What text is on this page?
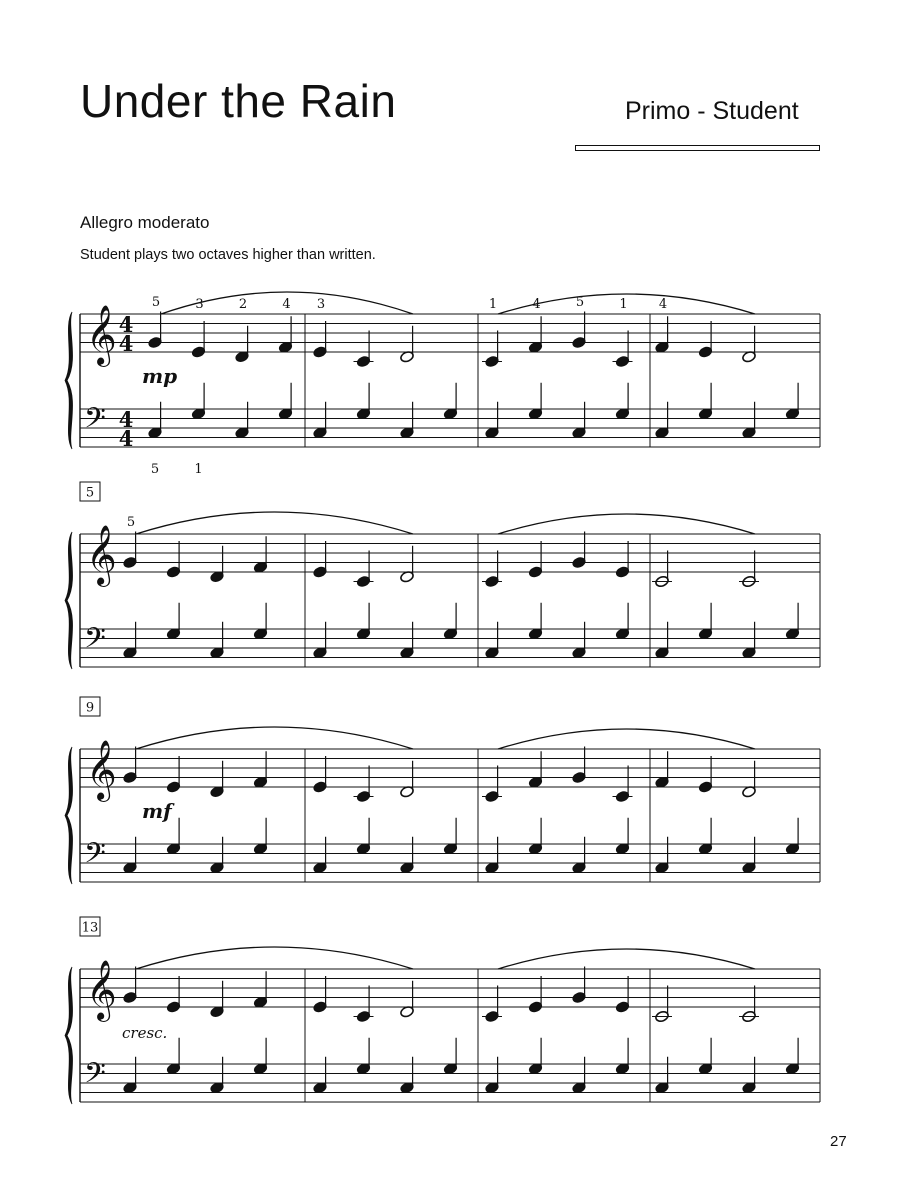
Under the Rain	Primo - Student
Allegro moderato
Student plays two octaves higher than written.
𝄞
𝄢
4
4
4
4
5	3	2	4 3	1	4	5	1 4
5	1
mp
𝄞
𝄢
5
5
𝄞
𝄢
9
mf
𝄞
𝄢
13
cresc.
27
